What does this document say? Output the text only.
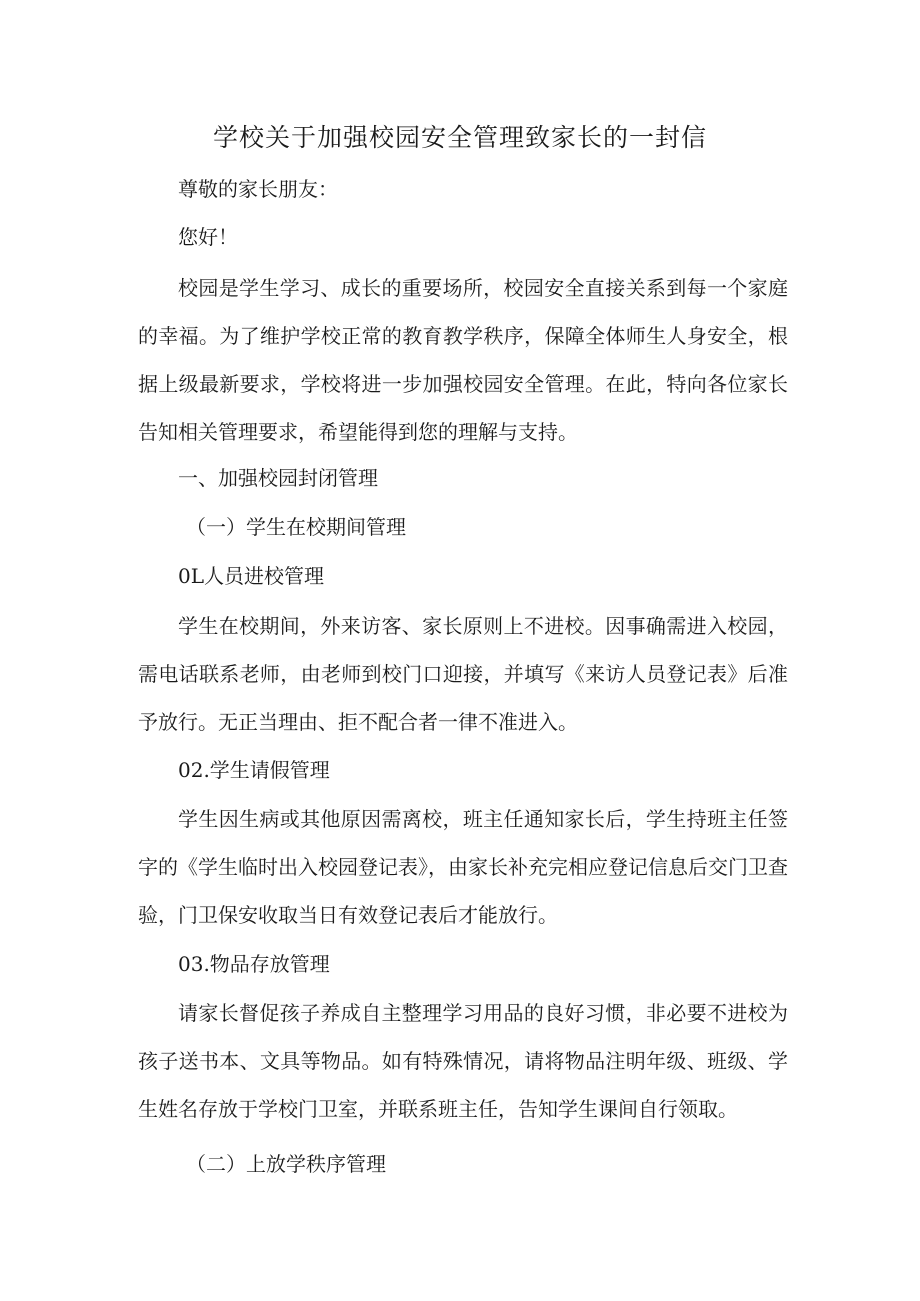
学校关于加强校园安全管理致家长的一封信
尊敬的家长朋友：
您好！
校园是学生学习、成长的重要场所，校园安全直接关系到每一个家庭的幸福。为了维护学校正常的教育教学秩序，保障全体师生人身安全，根据上级最新要求，学校将进一步加强校园安全管理。在此，特向各位家长告知相关管理要求，希望能得到您的理解与支持。
一、加强校园封闭管理
（一）学生在校期间管理
0L人员进校管理
学生在校期间，外来访客、家长原则上不进校。因事确需进入校园，需电话联系老师，由老师到校门口迎接，并填写《来访人员登记表》后准予放行。无正当理由、拒不配合者一律不准进入。
02.学生请假管理
学生因生病或其他原因需离校，班主任通知家长后，学生持班主任签字的《学生临时出入校园登记表》，由家长补充完相应登记信息后交门卫查验，门卫保安收取当日有效登记表后才能放行。
03.物品存放管理
请家长督促孩子养成自主整理学习用品的良好习惯，非必要不进校为孩子送书本、文具等物品。如有特殊情况，请将物品注明年级、班级、学生姓名存放于学校门卫室，并联系班主任，告知学生课间自行领取。
（二）上放学秩序管理
